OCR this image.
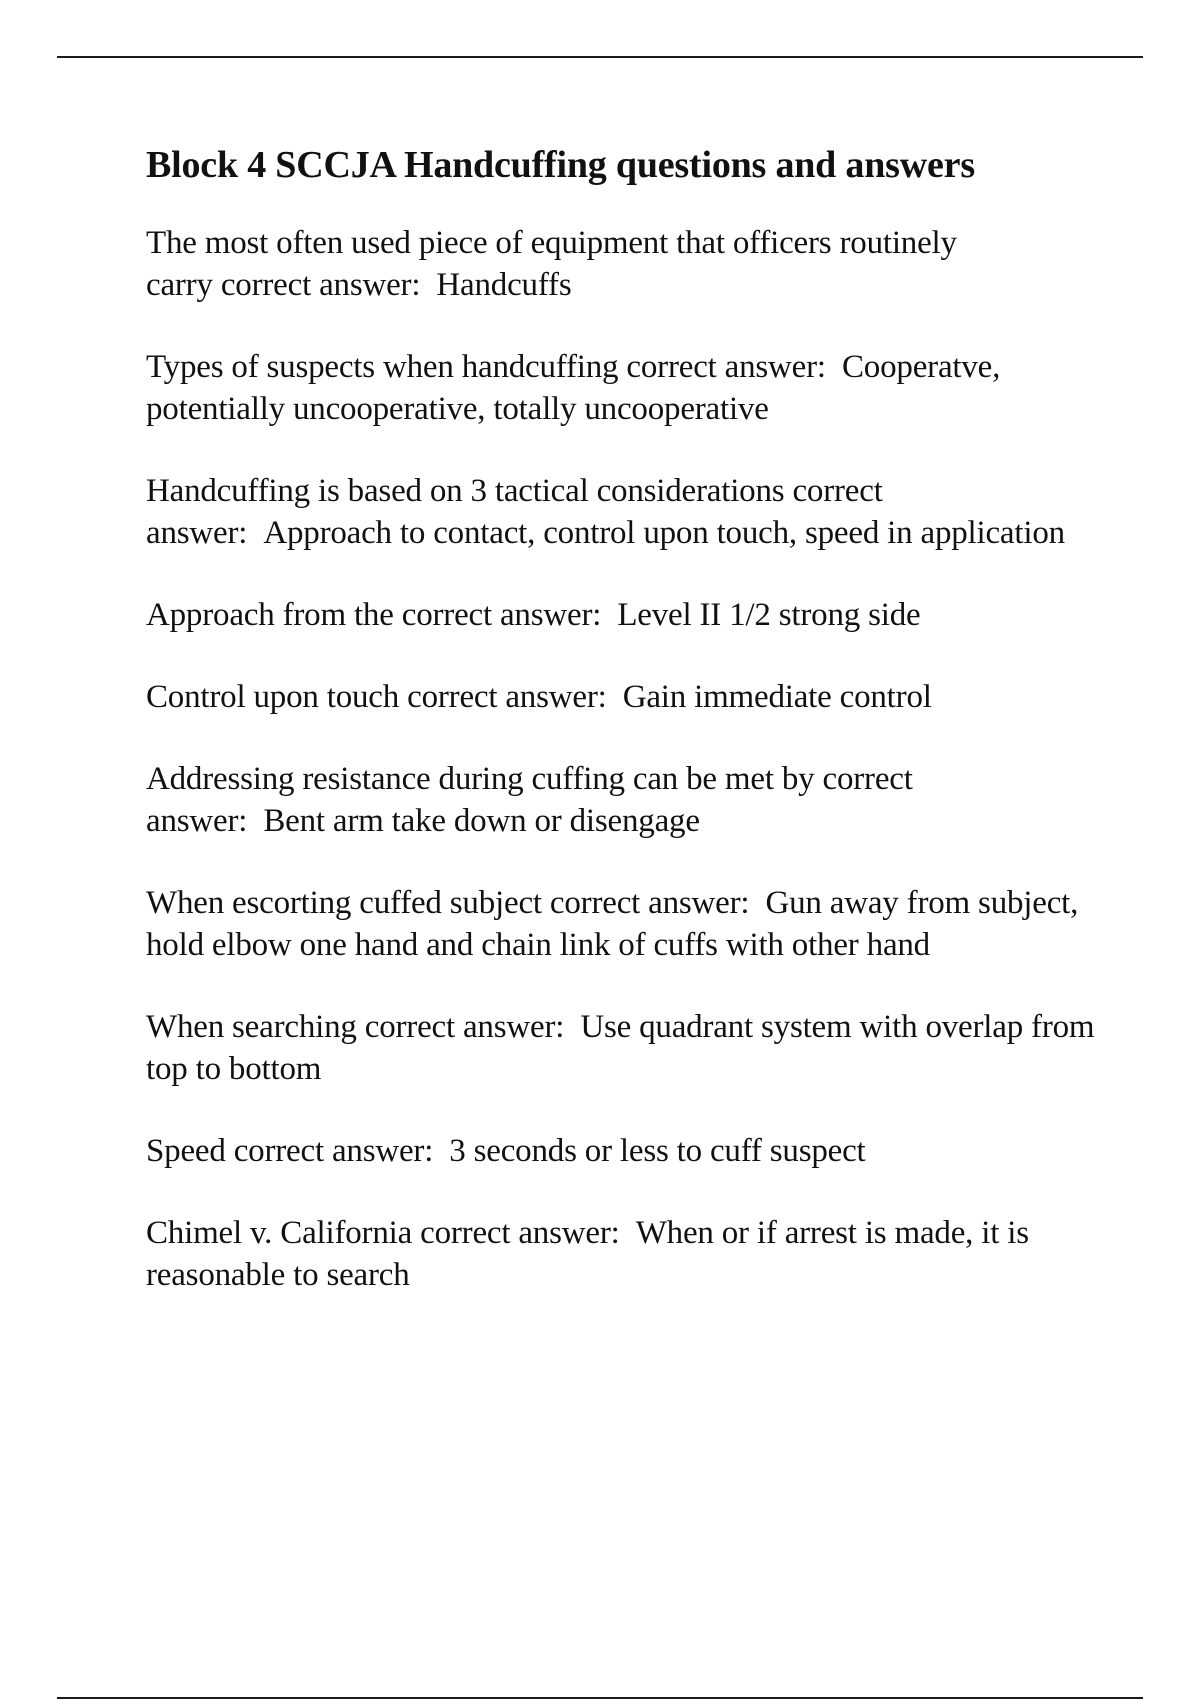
Block 4 SCCJA Handcuffing questions and answers

The most often used piece of equipment that officers routinely carry correct answer: Handcuffs

Types of suspects when handcuffing correct answer: Cooperatve, potentially uncooperative, totally uncooperative

Handcuffing is based on 3 tactical considerations correct answer: Approach to contact, control upon touch, speed in application

Approach from the correct answer: Level II 1/2 strong side

Control upon touch correct answer: Gain immediate control

Addressing resistance during cuffing can be met by correct answer: Bent arm take down or disengage

When escorting cuffed subject correct answer: Gun away from subject, hold elbow one hand and chain link of cuffs with other hand

When searching correct answer: Use quadrant system with overlap from top to bottom

Speed correct answer: 3 seconds or less to cuff suspect

Chimel v. California correct answer: When or if arrest is made, it is reasonable to search
